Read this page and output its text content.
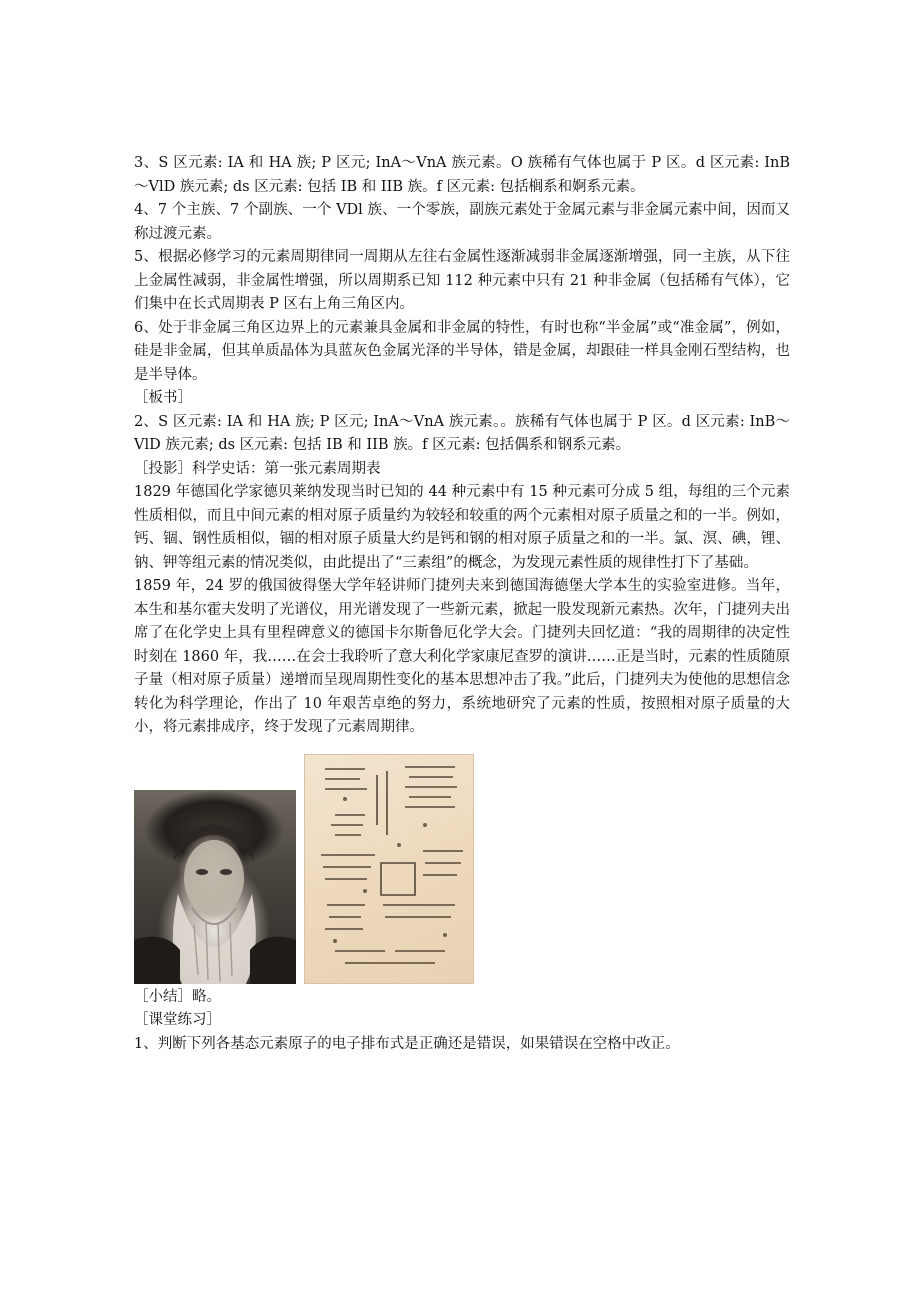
3、S 区元素: IA 和 HA 族; P 区元; InA～VnA 族元素。O 族稀有气体也属于 P 区。d 区元素: InB～VlD 族元素; ds 区元素: 包括 IB 和 IIB 族。f 区元素: 包括榈系和婀系元素。

4、7 个主族、7 个副族、一个 VDl 族、一个零族，副族元素处于金属元素与非金属元素中间，因而又称过渡元素。

5、根据必修学习的元素周期律同一周期从左往右金属性逐渐减弱非金属逐渐增强，同一主族，从下往上金属性减弱，非金属性增强，所以周期系已知 112 种元素中只有 21 种非金属（包括稀有气体），它们集中在长式周期表 P 区右上角三角区内。

6、处于非金属三角区边界上的元素兼具金属和非金属的特性，有时也称“半金属”或“准金属”，例如，硅是非金属，但其单质晶体为具蓝灰色金属光泽的半导体，错是金属，却跟硅一样具金刚石型结构，也是半导体。

［板书］

2、S 区元素: IA 和 HA 族; P 区元; InA～VnA 族元素。。族稀有气体也属于 P 区。d 区元素: InB～VlD 族元素; ds 区元素: 包括 IB 和 IIB 族。f 区元素: 包括偶系和钢系元素。

［投影］科学史话：第一张元素周期表

1829 年德国化学家德贝莱纳发现当时已知的 44 种元素中有 15 种元素可分成 5 组，每组的三个元素性质相似，而且中间元素的相对原子质量约为较轻和较重的两个元素相对原子质量之和的一半。例如，钙、锢、钢性质相似，锢的相对原子质量大约是钙和钢的相对原子质量之和的一半。氯、溟、碘，锂、钠、钾等组元素的情况类似，由此提出了“三素组”的概念，为发现元素性质的规律性打下了基础。

1859 年，24 罗的俄国彼得堡大学年轻讲师门捷列夫来到德国海德堡大学本生的实验室进修。当年，本生和基尔霍夫发明了光谱仪，用光谱发现了一些新元素，掀起一股发现新元素热。次年，门捷列夫出席了在化学史上具有里程碑意义的德国卡尔斯鲁厄化学大会。门捷列夫回忆道：“我的周期律的决定性时刻在 1860 年，我……在会士我聆听了意大利化学家康尼查罗的演讲……正是当时，元素的性质随原子量（相对原子质量）递增而呈现周期性变化的基本思想冲击了我。”此后，门捷列夫为使他的思想信念转化为科学理论，作出了 10 年艰苦卓绝的努力，系统地研究了元素的性质，按照相对原子质量的大小，将元素排成序，终于发现了元素周期律。

［小结］略。

［课堂练习］

1、判断下列各基态元素原子的电子排布式是正确还是错误，如果错误在空格中改正。
